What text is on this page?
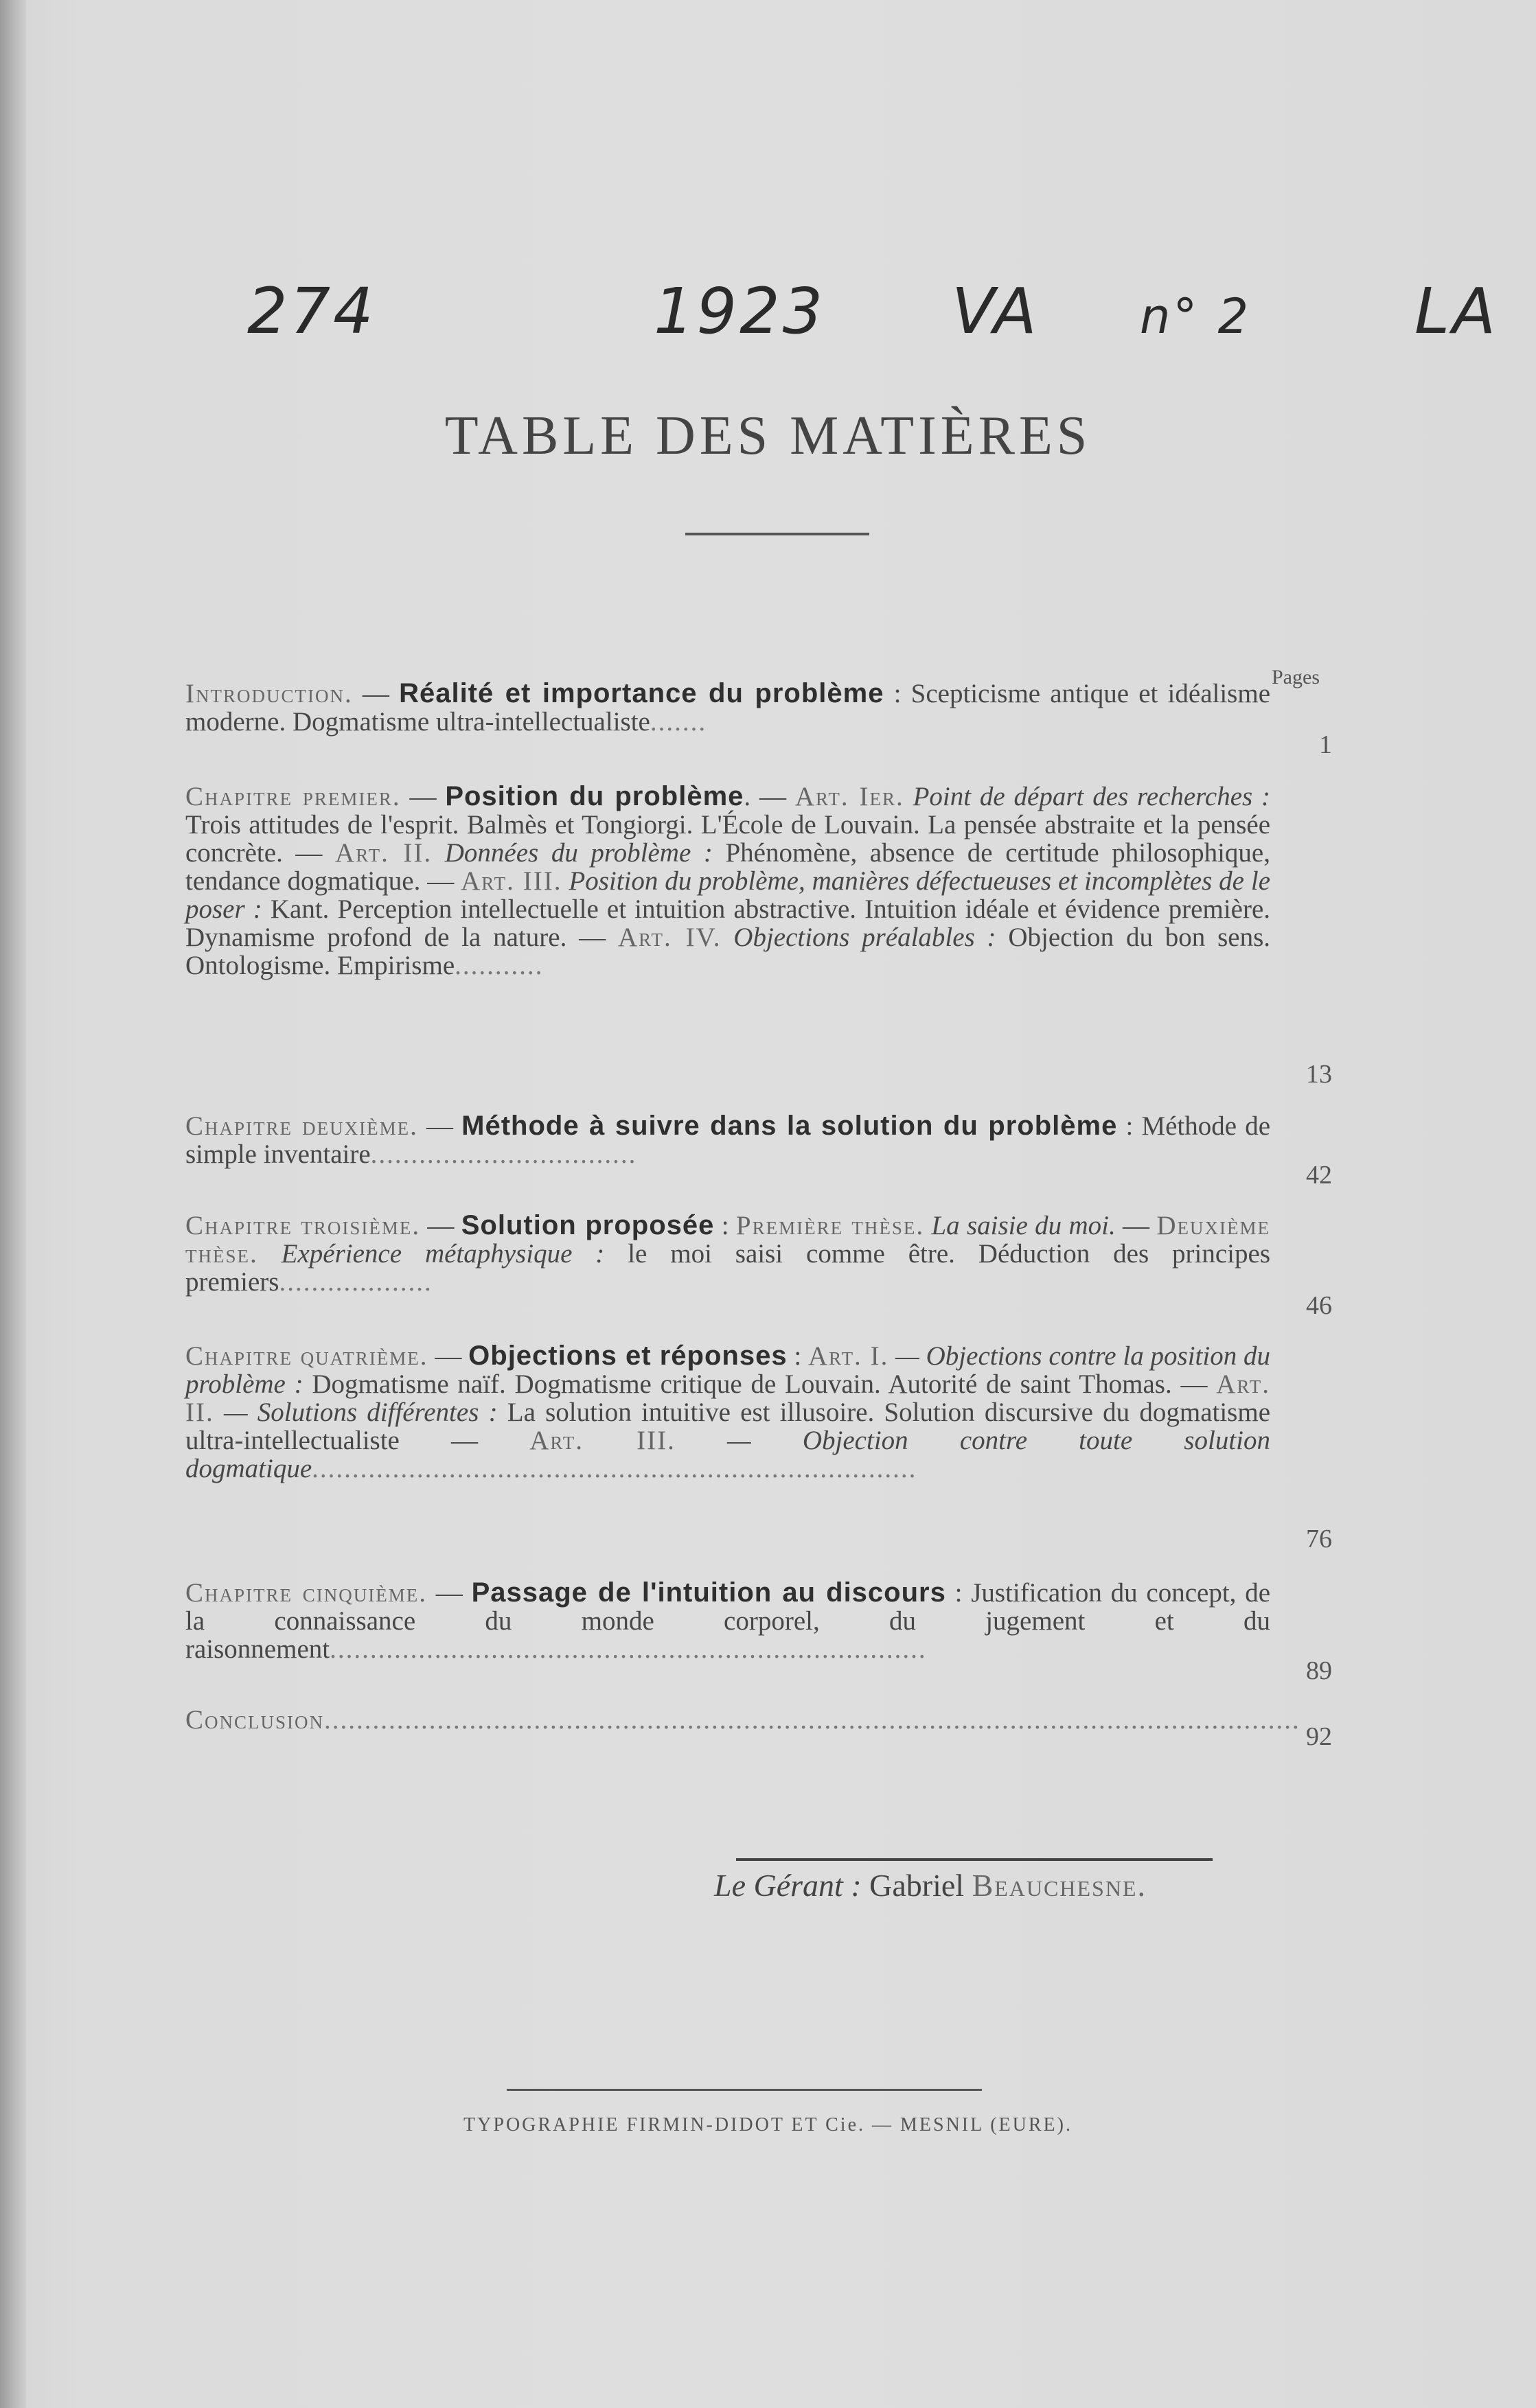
274	1923 VA n° 2	LA
TABLE DES MATIÈRES
Pages
Introduction. — Réalité et importance du problème : Scepticisme antique et idéalisme moderne. Dogmatisme ultra-intellectualiste.......
1
Chapitre premier. — Position du problème. — Art. Ier. Point de départ des recherches : Trois attitudes de l'esprit. Balmès et Tongiorgi. L'École de Louvain. La pensée abstraite et la pensée concrète. — Art. II. Données du problème : Phénomène, absence de certitude philosophique, tendance dogmatique. — Art. III. Position du problème, manières défectueuses et incomplètes de le poser : Kant. Perception intellectuelle et intuition abstractive. Intuition idéale et évidence première. Dynamisme profond de la nature. — Art. IV. Objections préalables : Objection du bon sens. Ontologisme. Empirisme...........
13
Chapitre deuxième. — Méthode à suivre dans la solution du problème : Méthode de simple inventaire.................................
42
Chapitre troisième. — Solution proposée : Première thèse. La saisie du moi. — Deuxième thèse. Expérience métaphysique : le moi saisi comme être. Déduction des principes premiers...................
46
Chapitre quatrième. — Objections et réponses : Art. I. — Objections contre la position du problème : Dogmatisme naïf. Dogmatisme critique de Louvain. Autorité de saint Thomas. — Art. II. — Solutions différentes : La solution intuitive est illusoire. Solution discursive du dogmatisme ultra-intellectualiste — Art. III. — Objection contre toute solution dogmatique...........................................................................
76
Chapitre cinquième. — Passage de l'intuition au discours : Justification du concept, de la connaissance du monde corporel, du jugement et du raisonnement..........................................................................
89
Conclusion.........................................................................................................................
92
Le Gérant : Gabriel Beauchesne.
TYPOGRAPHIE FIRMIN-DIDOT ET Cie. — MESNIL (EURE).
